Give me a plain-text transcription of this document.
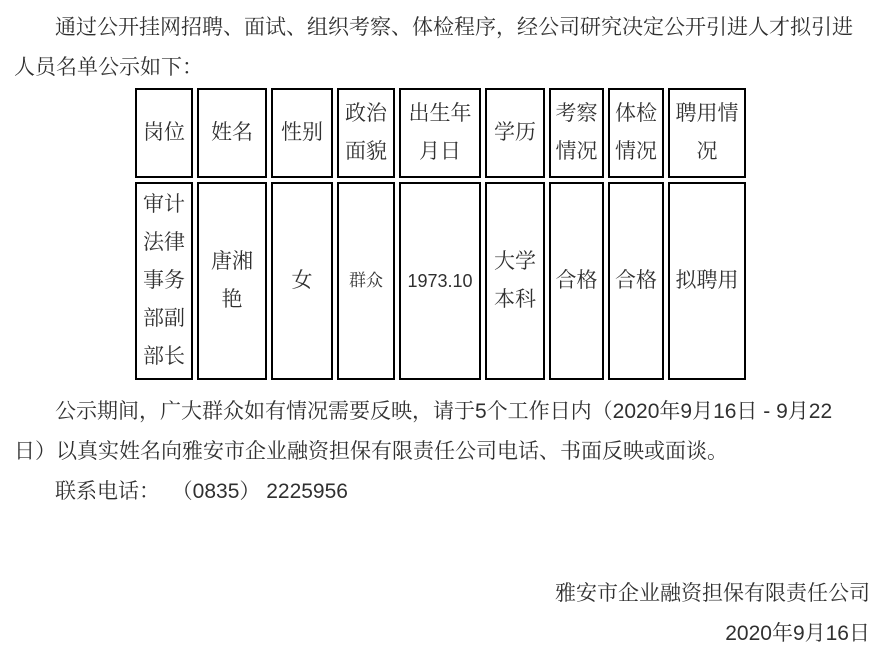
通过公开挂网招聘、面试、组织考察、体检程序，经公司研究决定公开引进人才拟引进
人员名单公示如下：

岗位	姓名	性别	政治面貌	出生年月日	学历	考察情况	体检情况	聘用情况
审计法律事务部副部长	唐湘艳	女	群众	1973.10	大学本科	合格	合格	拟聘用

公示期间，广大群众如有情况需要反映，请于5个工作日内（2020年9月16日 - 9月22
日）以真实姓名向雅安市企业融资担保有限责任公司电话、书面反映或面谈。

联系电话：  （0835） 2225956

雅安市企业融资担保有限责任公司
2020年9月16日
